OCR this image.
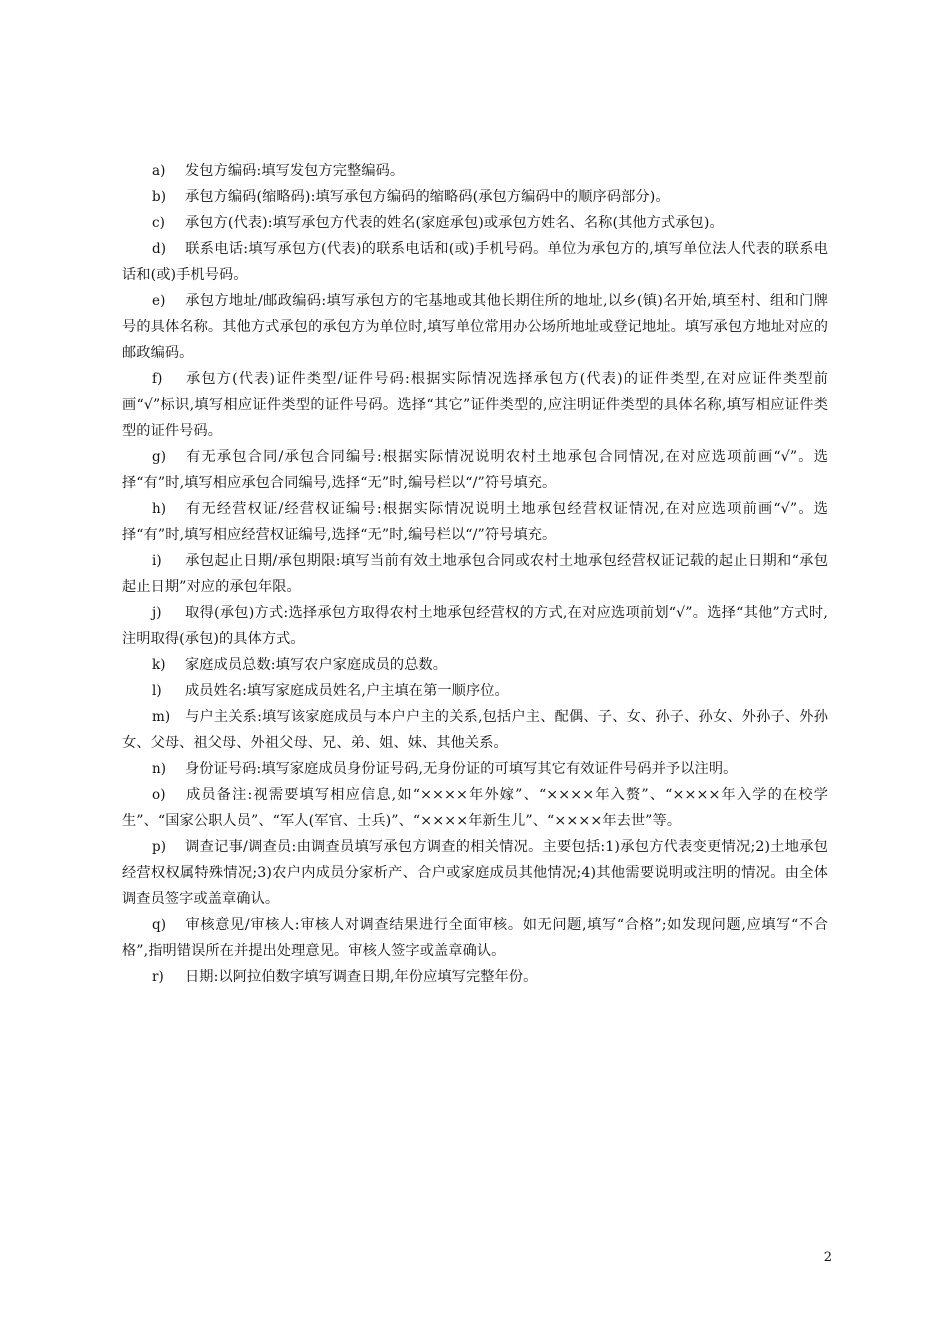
a) 发包方编码:填写发包方完整编码。

b) 承包方编码(缩略码):填写承包方编码的缩略码(承包方编码中的顺序码部分)。

c) 承包方(代表):填写承包方代表的姓名(家庭承包)或承包方姓名、名称(其他方式承包)。

d) 联系电话:填写承包方(代表)的联系电话和(或)手机号码。单位为承包方的,填写单位法人代表的联系电话和(或)手机号码。

e) 承包方地址/邮政编码:填写承包方的宅基地或其他长期住所的地址,以乡(镇)名开始,填至村、组和门牌号的具体名称。其他方式承包的承包方为单位时,填写单位常用办公场所地址或登记地址。填写承包方地址对应的邮政编码。

f) 承包方(代表)证件类型/证件号码:根据实际情况选择承包方(代表)的证件类型,在对应证件类型前画“√”标识,填写相应证件类型的证件号码。选择“其它”证件类型的,应注明证件类型的具体名称,填写相应证件类型的证件号码。

g) 有无承包合同/承包合同编号:根据实际情况说明农村土地承包合同情况,在对应选项前画“√”。选择“有”时,填写相应承包合同编号,选择“无”时,编号栏以“/”符号填充。

h) 有无经营权证/经营权证编号:根据实际情况说明土地承包经营权证情况,在对应选项前画“√”。选择“有”时,填写相应经营权证编号,选择“无”时,编号栏以“/”符号填充。

i) 承包起止日期/承包期限:填写当前有效土地承包合同或农村土地承包经营权证记载的起止日期和“承包起止日期”对应的承包年限。

j) 取得(承包)方式:选择承包方取得农村土地承包经营权的方式,在对应选项前划“√”。选择“其他”方式时,注明取得(承包)的具体方式。

k) 家庭成员总数:填写农户家庭成员的总数。

l) 成员姓名:填写家庭成员姓名,户主填在第一顺序位。

m) 与户主关系:填写该家庭成员与本户户主的关系,包括户主、配偶、子、女、孙子、孙女、外孙子、外孙女、父母、祖父母、外祖父母、兄、弟、姐、妹、其他关系。

n) 身份证号码:填写家庭成员身份证号码,无身份证的可填写其它有效证件号码并予以注明。

o) 成员备注:视需要填写相应信息,如“××××年外嫁”、“××××年入赘”、“××××年入学的在校学生”、“国家公职人员”、“军人(军官、士兵)”、“××××年新生儿”、“××××年去世”等。

p) 调查记事/调查员:由调查员填写承包方调查的相关情况。主要包括:1)承包方代表变更情况;2)土地承包经营权权属特殊情况;3)农户内成员分家析产、合户或家庭成员其他情况;4)其他需要说明或注明的情况。由全体调查员签字或盖章确认。

q) 审核意见/审核人:审核人对调查结果进行全面审核。如无问题,填写“合格”;如发现问题,应填写“不合格”,指明错误所在并提出处理意见。审核人签字或盖章确认。

r) 日期:以阿拉伯数字填写调查日期,年份应填写完整年份。

2
